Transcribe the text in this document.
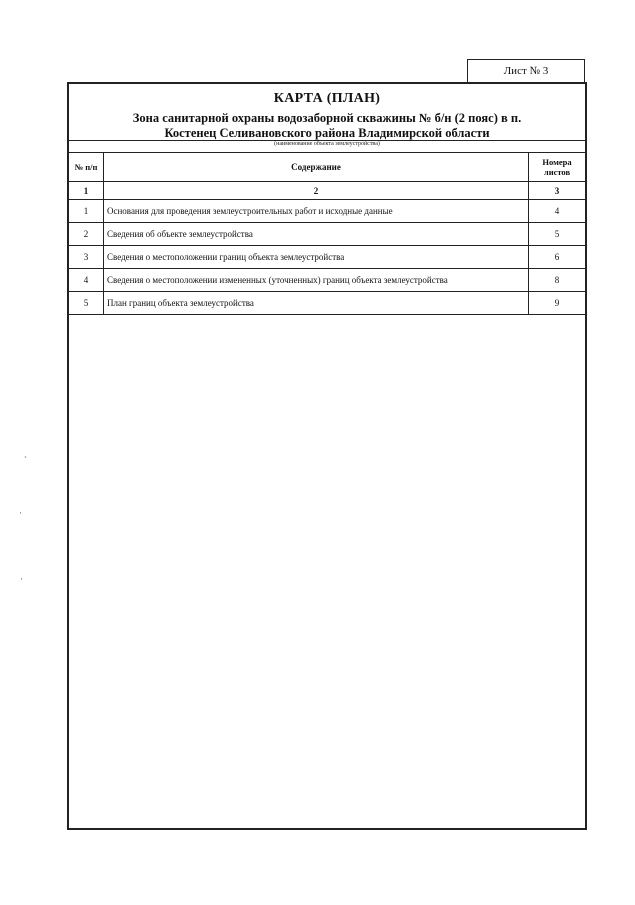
Лист № 3
КАРТА (ПЛАН)
Зона санитарной охраны водозаборной скважины № б/н (2 пояс) в п.
Костенец Селивановского района Владимирской области
(наименование объекта землеустройства)
№ п/п	Содержание	Номера листов
1	2	3
1	Основания для проведения землеустроительных работ и исходные данные	4
2	Сведения об объекте землеустройства	5
3	Сведения о местоположении границ объекта землеустройства	6
4	Сведения о местоположении измененных (уточненных) границ объекта землеустройства	8
5	План границ объекта землеустройства	9
ˏ
·
·
